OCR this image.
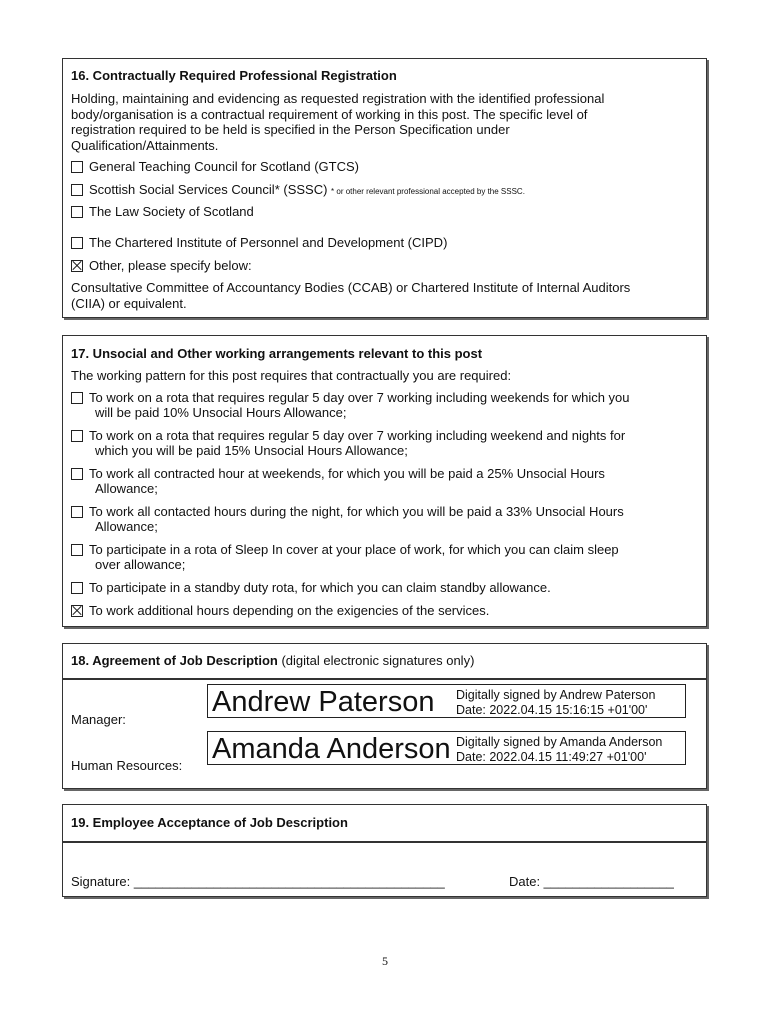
16. Contractually Required Professional Registration
Holding, maintaining and evidencing as requested registration with the identified professional
body/organisation is a contractual requirement of working in this post. The specific level of
registration required to be held is specified in the Person Specification under
Qualification/Attainments.
General Teaching Council for Scotland (GTCS)
Scottish Social Services Council* (SSSC) * or other relevant professional accepted by the SSSC.
The Law Society of Scotland
The Chartered Institute of Personnel and Development (CIPD)
Other, please specify below:
Consultative Committee of Accountancy Bodies (CCAB) or Chartered Institute of Internal Auditors
(CIIA) or equivalent.
17. Unsocial and Other working arrangements relevant to this post
The working pattern for this post requires that contractually you are required:
To work on a rota that requires regular 5 day over 7 working including weekends for which you
will be paid 10% Unsocial Hours Allowance;
To work on a rota that requires regular 5 day over 7 working including weekend and nights for
which you will be paid 15% Unsocial Hours Allowance;
To work all contracted hour at weekends, for which you will be paid a 25% Unsocial Hours
Allowance;
To work all contacted hours during the night, for which you will be paid a 33% Unsocial Hours
Allowance;
To participate in a rota of Sleep In cover at your place of work, for which you can claim sleep
over allowance;
To participate in a standby duty rota, for which you can claim standby allowance.
To work additional hours depending on the exigencies of the services.
18. Agreement of Job Description (digital electronic signatures only)
Manager:
Human Resources:
Andrew Paterson Digitally signed by Andrew Paterson
Date: 2022.04.15 15:16:15 +01'00'
Amanda Anderson Digitally signed by Amanda Anderson
Date: 2022.04.15 11:49:27 +01'00'
19. Employee Acceptance of Job Description
Signature: ___________________________________________	Date: __________________
5
